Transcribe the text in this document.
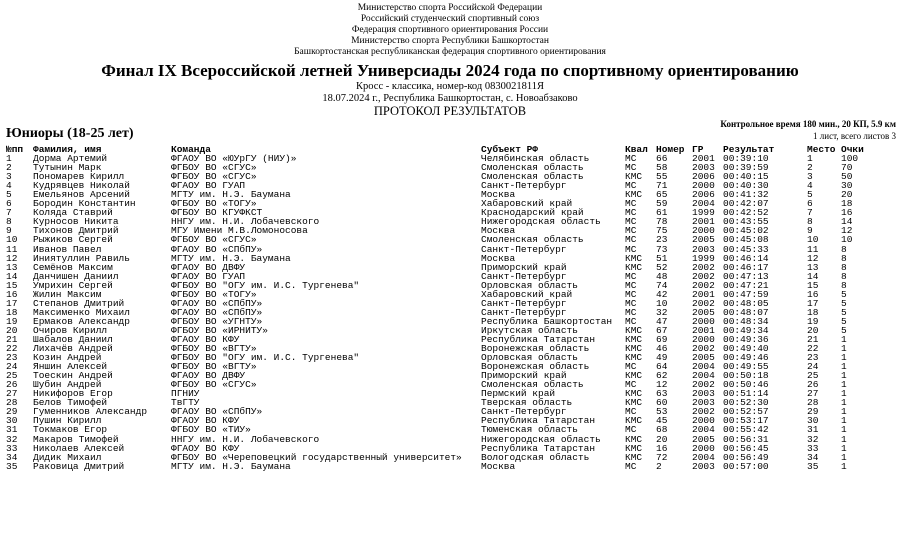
Министерство спорта Российской Федерации
Российский студенческий спортивный союз
Федерация спортивного ориентирования России
Министерство спорта Республики Башкортостан
Башкортостанская республиканская федерация спортивного ориентирования
Финал IX Всероссийской летней Универсиады 2024 года по спортивному ориентированию
Кросс - классика, номер-код 0830021811Я
18.07.2024 г., Республика Башкортостан, с. Новоабзаково
ПРОТОКОЛ РЕЗУЛЬТАТОВ
Юниоры (18-25 лет)
Контрольное время 180 мин., 20 КП, 5.9 км
1 лист, всего листов 3
№пп	Фамилия, имя	Команда	Субъект РФ	Квал Номер ГР	Результат	Место Очки
1	Дорма Артемий	ФГАОУ ВО «ЮУрГУ (НИУ)»	Челябинская область	МС	66	2001 00:39:10	1	100
2	Тутынин Марк	ФГБОУ ВО «СГУС»	Смоленская область	МС	58	2003 00:39:59	2	70
3	Пономарев Кирилл	ФГБОУ ВО «СГУС»	Смоленская область	КМС	55	2006 00:40:15	3	50
4	Кудрявцев Николай	ФГАОУ ВО ГУАП	Санкт-Петербург	МС	71	2000 00:40:30	4	30
5	Емельянов Арсений	МГТУ им. Н.Э. Баумана	Москва	КМС	65	2006 00:41:32	5	20
6	Бородин Константин	ФГБОУ ВО «ТОГУ»	Хабаровский край	МС	59	2004 00:42:07	6	18
7	Коляда Ставрий	ФГБОУ ВО КГУФКСТ	Краснодарский край	МС	61	1999 00:42:52	7	16
8	Курносов Никита	ННГУ им. Н.И. Лобачевского	Нижегородская область	МС	78	2001 00:43:55	8	14
9	Тихонов Дмитрий	МГУ Имени М.В.Ломоносова	Москва	МС	75	2000 00:45:02	9	12
10	Рыжиков Сергей	ФГБОУ ВО «СГУС»	Смоленская область	МС	23	2005 00:45:08	10	10
11	Иванов Павел	ФГАОУ ВО «СПбПУ»	Санкт-Петербург	МС	73	2003 00:45:33	11	8
12	Иниятуллин Равиль	МГТУ им. Н.Э. Баумана	Москва	КМС	51	1999 00:46:14	12	8
13	Семёнов Максим	ФГАОУ ВО ДВФУ	Приморский край	КМС	52	2002 00:46:17	13	8
14	Данчишен Даниил	ФГАОУ ВО ГУАП	Санкт-Петербург	МС	48	2002 00:47:13	14	8
15	Умрихин Сергей	ФГБОУ ВО "ОГУ им. И.С. Тургенева"	Орловская область	МС	74	2002 00:47:21	15	8
16	Жилин Максим	ФГБОУ ВО «ТОГУ»	Хабаровский край	МС	42	2001 00:47:59	16	5
17	Степанов Дмитрий	ФГАОУ ВО «СПбПУ»	Санкт-Петербург	МС	10	2002 00:48:05	17	5
18	Максименко Михаил	ФГАОУ ВО «СПбПУ»	Санкт-Петербург	МС	32	2005 00:48:07	18	5
19	Ермаков Александр	ФГБОУ ВО «УГНТУ»	Республика Башкортостан	МС	47	2000 00:48:34	19	5
20	Очиров Кирилл	ФГБОУ ВО «ИРНИТУ»	Иркутская область	КМС	67	2001 00:49:34	20	5
21	Шабалов Даниил	ФГАОУ ВО КФУ	Республика Татарстан	КМС	69	2000 00:49:36	21	1
22	Лихачёв Андрей	ФГБОУ ВО «ВГТУ»	Воронежская область	КМС	46	2002 00:49:40	22	1
23	Козин Андрей	ФГБОУ ВО "ОГУ им. И.С. Тургенева"	Орловская область	КМС	49	2005 00:49:46	23	1
24	Яншин Алексей	ФГБОУ ВО «ВГТУ»	Воронежская область	МС	64	2004 00:49:55	24	1
25	Тоескин Андрей	ФГАОУ ВО ДВФУ	Приморский край	КМС	62	2004 00:50:18	25	1
26	Шубин Андрей	ФГБОУ ВО «СГУС»	Смоленская область	МС	12	2002 00:50:46	26	1
27	Никифоров Егор	ПГНИУ	Пермский край	КМС	63	2003 00:51:14	27	1
28	Белов Тимофей	ТвГТУ	Тверская область	КМС	60	2003 00:52:30	28	1
29	Гуменников Александр	ФГАОУ ВО «СПбПУ»	Санкт-Петербург	МС	53	2002 00:52:57	29	1
30	Пушин Кирилл	ФГАОУ ВО КФУ	Республика Татарстан	КМС	45	2000 00:53:17	30	1
31	Токмаков Егор	ФГБОУ ВО «ТИУ»	Тюменская область	МС	68	2004 00:55:42	31	1
32	Макаров Тимофей	ННГУ им. Н.И. Лобачевского	Нижегородская область	КМС	20	2005 00:56:31	32	1
33	Николаев Алексей	ФГАОУ ВО КФУ	Республика Татарстан	КМС	16	2000 00:56:45	33	1
34	Дидик Михаил	ФГБОУ ВО «Череповецкий государственный университет»	Вологодская область	КМС	72	2004 00:56:49	34	1
35	Раковица Дмитрий	МГТУ им. Н.Э. Баумана	Москва	МС	2	2003 00:57:00	35	1
